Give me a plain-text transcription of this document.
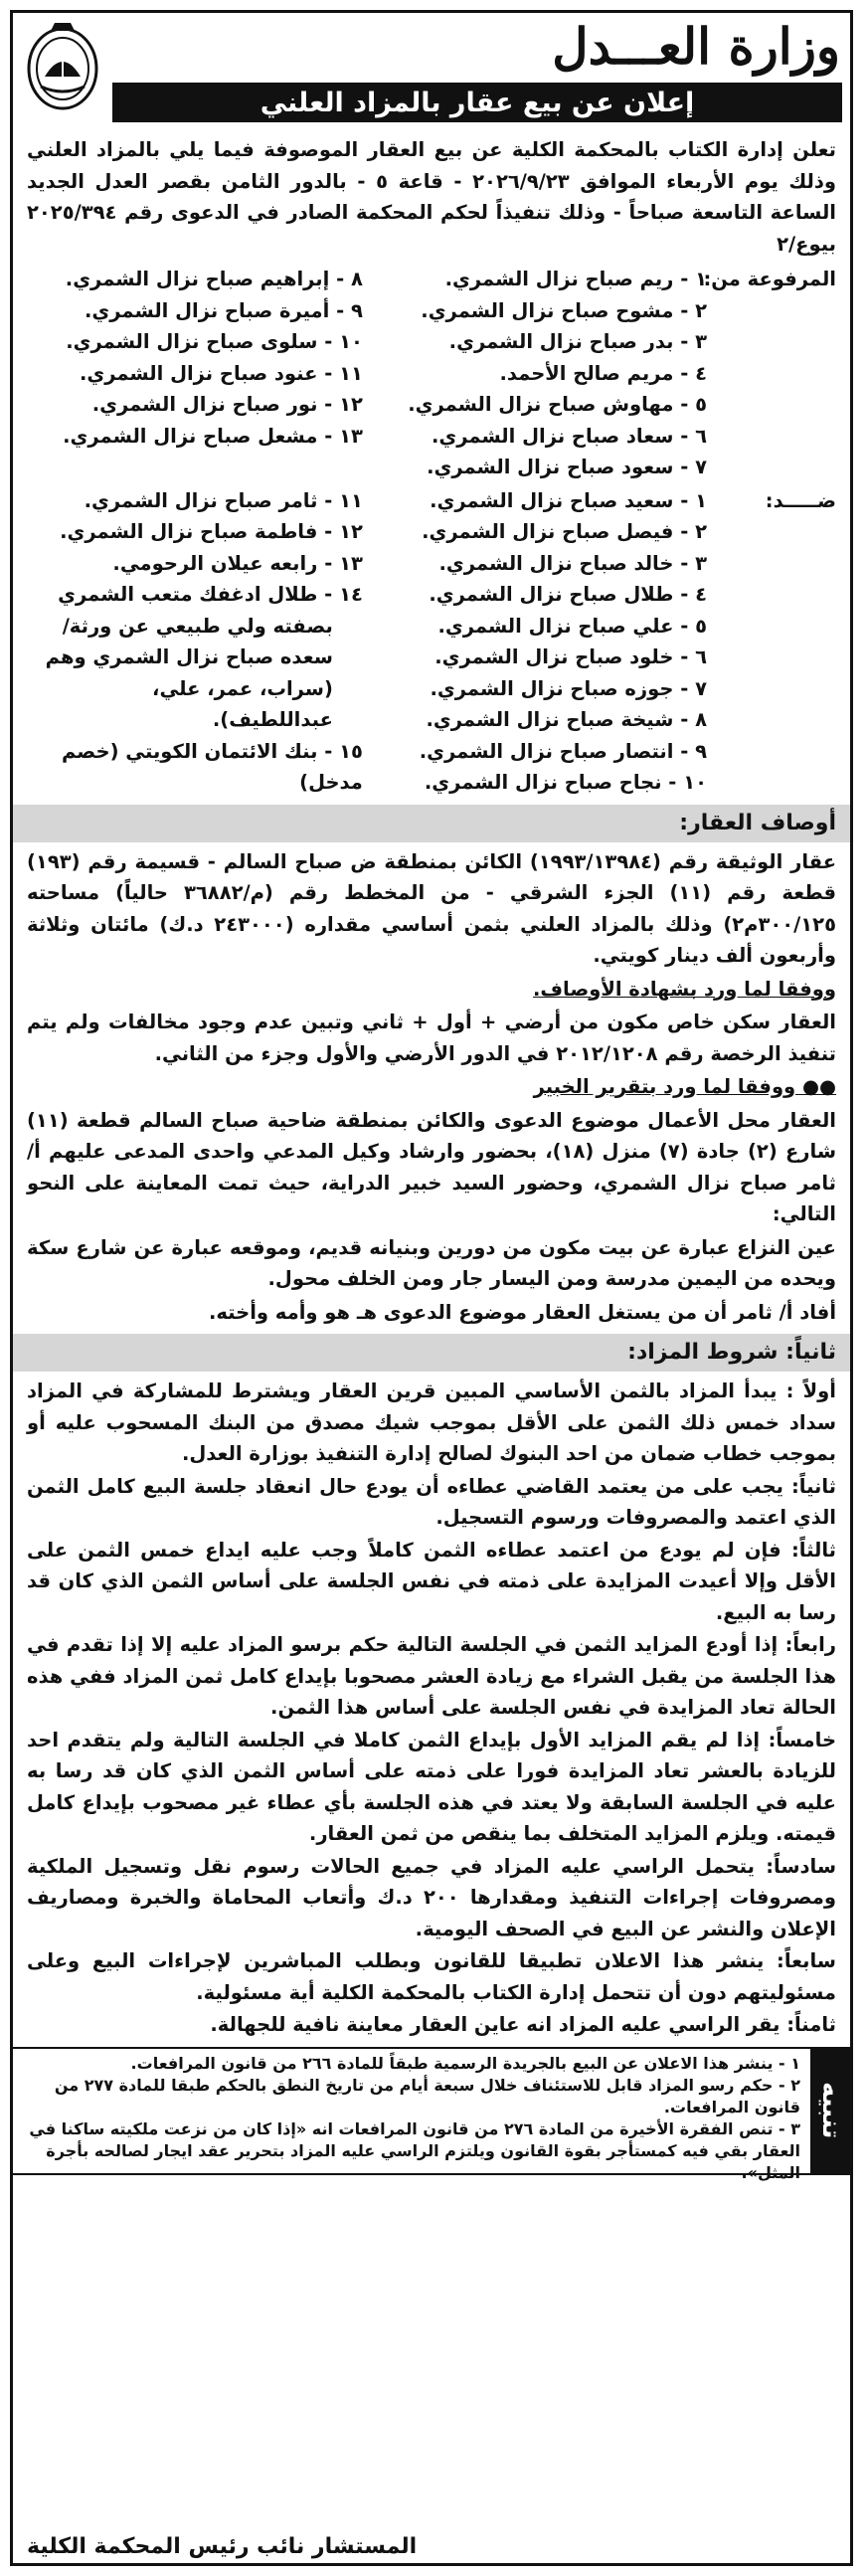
وزارة العـــدل
إعلان عن بيع عقار بالمزاد العلني
تعلن إدارة الكتاب بالمحكمة الكلية عن بيع العقار الموصوفة فيما يلي بالمزاد العلني وذلك يوم الأربعاء الموافق ٢٠٢٦/٩/٢٣ - قاعة ٥ - بالدور الثامن بقصر العدل الجديد الساعة التاسعة صباحاً - وذلك تنفيذاً لحكم المحكمة الصادر في الدعوى رقم ٢٠٢٥/٣٩٤ بيوع/٢
المرفوعة من:
١ - ريم صباح نزال الشمري.
٢ - مشوح صباح نزال الشمري.
٣ - بدر صباح نزال الشمري.
٤ - مريم صالح الأحمد.
٥ - مهاوش صباح نزال الشمري.
٦ - سعاد صباح نزال الشمري.
٧ - سعود صباح نزال الشمري.
٨ - إبراهيم صباح نزال الشمري.
٩ - أميرة صباح نزال الشمري.
١٠ - سلوى صباح نزال الشمري.
١١ - عنود صباح نزال الشمري.
١٢ - نور صباح نزال الشمري.
١٣ - مشعل صباح نزال الشمري.
ضـــــد:
١ - سعيد صباح نزال الشمري.
٢ - فيصل صباح نزال الشمري.
٣ - خالد صباح نزال الشمري.
٤ - طلال صباح نزال الشمري.
٥ - علي صباح نزال الشمري.
٦ - خلود صباح نزال الشمري.
٧ - جوزه صباح نزال الشمري.
٨ - شيخة صباح نزال الشمري.
٩ - انتصار صباح نزال الشمري.
١٠ - نجاح صباح نزال الشمري.
١١ - ثامر صباح نزال الشمري.
١٢ - فاطمة صباح نزال الشمري.
١٣ - رابعه عيلان الرحومي.
١٤ - طلال ادغفك متعب الشمري
بصفته ولي طبيعي عن ورثة/ سعده صباح نزال الشمري وهم (سراب، عمر، علي، عبداللطيف).
١٥ - بنك الائتمان الكويتي (خصم مدخل)
أوصاف العقار:
عقار الوثيقة رقم (١٩٩٣/١٣٩٨٤) الكائن بمنطقة ض صباح السالم - قسيمة رقم (١٩٣) قطعة رقم (١١) الجزء الشرقي - من المخطط رقم (م/٣٦٨٨٢ حالياً) مساحته ٣٠٠/١٢٥م٢) وذلك بالمزاد العلني بثمن أساسي مقداره (٢٤٣٠٠٠ د.ك) مائتان وثلاثة وأربعون ألف دينار كويتي.
ووفقا لما ورد بشهادة الأوصاف.
العقار سكن خاص مكون من أرضي + أول + ثاني وتبين عدم وجود مخالفات ولم يتم تنفيذ الرخصة رقم ٢٠١٢/١٢٠٨ في الدور الأرضي والأول وجزء من الثاني.
●● ووفقا لما ورد بتقرير الخبير
العقار محل الأعمال موضوع الدعوى والكائن بمنطقة ضاحية صباح السالم قطعة (١١) شارع (٢) جادة (٧) منزل (١٨)، بحضور وارشاد وكيل المدعي واحدى المدعى عليهم أ/ ثامر صباح نزال الشمري، وحضور السيد خبير الدراية، حيث تمت المعاينة على النحو التالي:
عين النزاع عبارة عن بيت مكون من دورين وبنيانه قديم، وموقعه عبارة عن شارع سكة ويحده من اليمين مدرسة ومن اليسار جار ومن الخلف محول.
أفاد أ/ ثامر أن من يستغل العقار موضوع الدعوى هـ هو وأمه وأخته.
ثانياً: شروط المزاد:
أولاً : يبدأ المزاد بالثمن الأساسي المبين قرين العقار ويشترط للمشاركة في المزاد سداد خمس ذلك الثمن على الأقل بموجب شيك مصدق من البنك المسحوب عليه أو بموجب خطاب ضمان من احد البنوك لصالح إدارة التنفيذ بوزارة العدل.
ثانياً: يجب على من يعتمد القاضي عطاءه أن يودع حال انعقاد جلسة البيع كامل الثمن الذي اعتمد والمصروفات ورسوم التسجيل.
ثالثاً: فإن لم يودع من اعتمد عطاءه الثمن كاملاً وجب عليه ايداع خمس الثمن على الأقل وإلا أعيدت المزايدة على ذمته في نفس الجلسة على أساس الثمن الذي كان قد رسا به البيع.
رابعاً: إذا أودع المزايد الثمن في الجلسة التالية حكم برسو المزاد عليه إلا إذا تقدم في هذا الجلسة من يقبل الشراء مع زيادة العشر مصحوبا بإيداع كامل ثمن المزاد ففي هذه الحالة تعاد المزايدة في نفس الجلسة على أساس هذا الثمن.
خامساً: إذا لم يقم المزايد الأول بإيداع الثمن كاملا في الجلسة التالية ولم يتقدم احد للزيادة بالعشر تعاد المزايدة فورا على ذمته على أساس الثمن الذي كان قد رسا به عليه في الجلسة السابقة ولا يعتد في هذه الجلسة بأي عطاء غير مصحوب بإيداع كامل قيمته. ويلزم المزايد المتخلف بما ينقص من ثمن العقار.
سادساً: يتحمل الراسي عليه المزاد في جميع الحالات رسوم نقل وتسجيل الملكية ومصروفات إجراءات التنفيذ ومقدارها ٢٠٠ د.ك وأتعاب المحاماة والخبرة ومصاريف الإعلان والنشر عن البيع في الصحف اليومية.
سابعاً: ينشر هذا الاعلان تطبيقا للقانون وبطلب المباشرين لإجراءات البيع وعلى مسئوليتهم دون أن تتحمل إدارة الكتاب بالمحكمة الكلية أية مسئولية.
ثامناً: يقر الراسي عليه المزاد انه عاين العقار معاينة نافية للجهالة.
تنبيه
١ - ينشر هذا الاعلان عن البيع بالجريدة الرسمية طبقاً للمادة ٢٦٦ من قانون المرافعات.
٢ - حكم رسو المزاد قابل للاستئناف خلال سبعة أيام من تاريخ النطق بالحكم طبقا للمادة ٢٧٧ من قانون المرافعات.
٣ - تنص الفقرة الأخيرة من المادة ٢٧٦ من قانون المرافعات انه «إذا كان من نزعت ملكيته ساكنا في العقار بقي فيه كمستأجر بقوة القانون ويلتزم الراسي عليه المزاد بتحرير عقد ايجار لصالحه بأجرة المثل».
المستشار نائب رئيس المحكمة الكلية
